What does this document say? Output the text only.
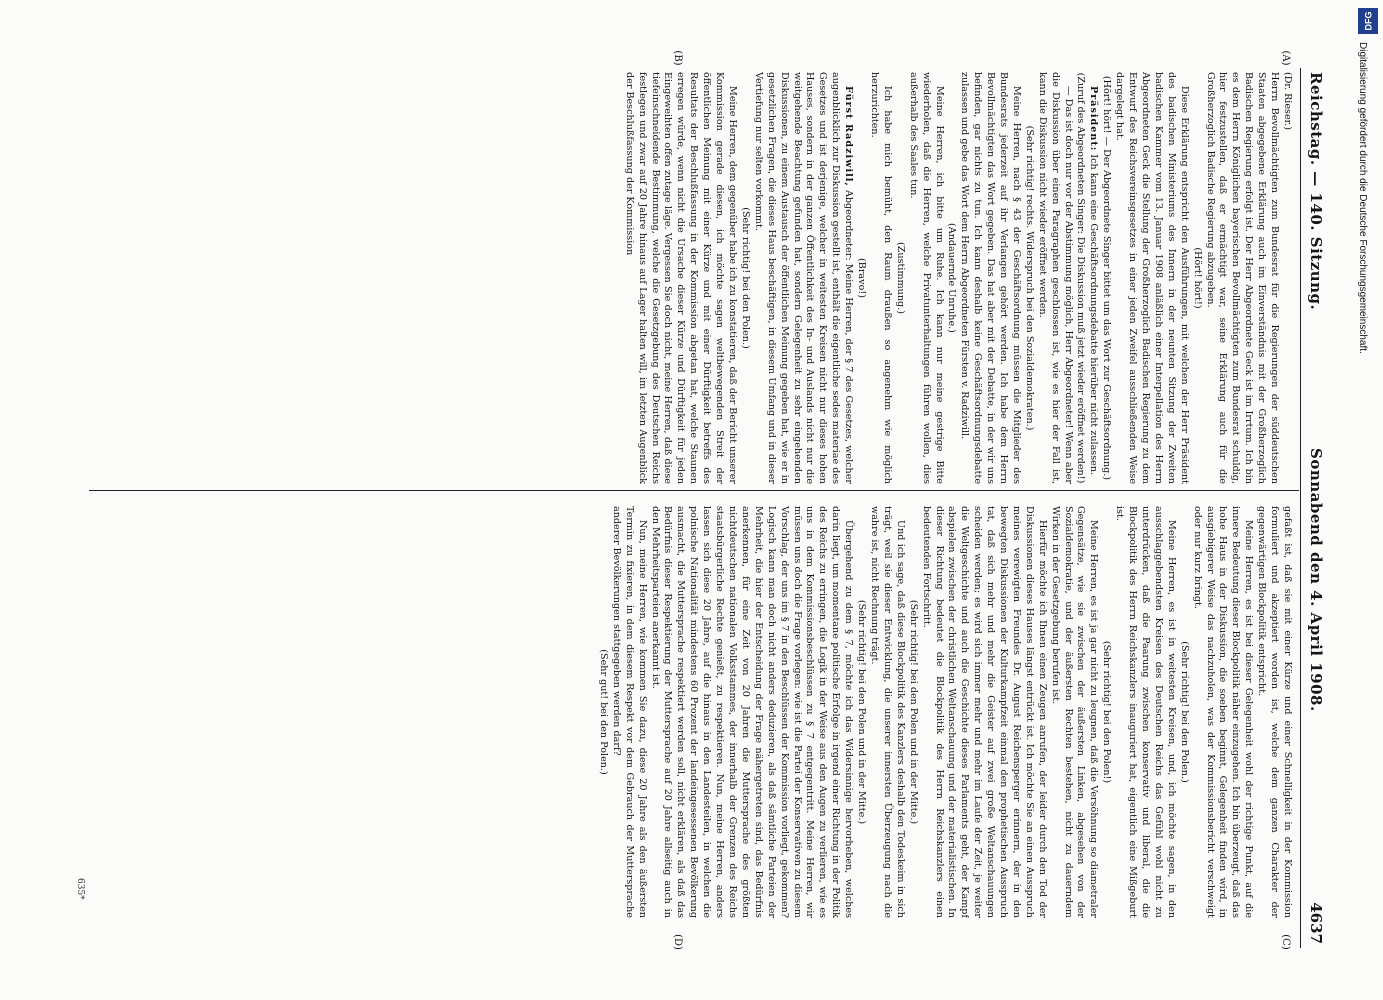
Reichstag. — 140. Sitzung.
Sonnabend den 4. April 1908.
4637
(A)
(B)
(C)
(D)

(Dr. Rieser.)

Herrn Bevollmächtigten zum Bundesrat für die Regierungen der süddeutschen Staaten abgegebene Erklärung auch im Einverständnis mit der Großherzoglich Badischen Regierung erfolgt ist. Der Herr Abgeordnete Geck ist im Irrtum. Ich bin es dem Herrn Königlichen bayerischen Bevollmächtigten zum Bundesrat schuldig, hier festzustellen, daß er ermächtigt war, seine Erklärung auch für die Großherzoglich Badische Regierung abzugeben.

(Hört! hört!)

Diese Erklärung entspricht den Ausführungen, mit welchen der Herr Präsident des badischen Ministeriums des Innern in der neunten Sitzung der Zweiten badischen Kammer vom 13. Januar 1908 anläßlich einer Interpellation des Herrn Abgeordneten Geck die Stellung der Großherzoglich Badischen Regierung zu dem Entwurf des Reichsvereinsgesetzes in einer jeden Zweifel ausschließenden Weise dargelegt hat.

(Hört! hört! — Der Abgeordnete Singer bittet um das Wort zur Geschäftsordnung.)

Präsident: Ich kann eine Geschäftsordnungsdebatte hierüber nicht zulassen.

(Zuruf des Abgeordneten Singer: Die Diskussion muß jetzt wieder eröffnet werden!)

— Das ist doch nur vor der Abstimmung möglich, Herr Abgeordneter! Wenn aber die Diskussion über einen Paragraphen geschlossen ist, wie es hier der Fall ist, kann die Diskussion nicht wieder eröffnet werden.

(Sehr richtig! rechts. Widerspruch bei den Sozialdemokraten.)

Meine Herren, nach § 43 der Geschäftsordnung müssen die Mitglieder des Bundesrats jederzeit auf ihr Verlangen gehört werden. Ich habe dem Herrn Bevollmächtigten das Wort gegeben. Das hat aber mit der Debatte, in der wir uns befinden, gar nichts zu tun. Ich kann deshalb keine Geschäftsordnungsdebatte zulassen und gebe das Wort dem Herrn Abgeordneten Fürsten v. Radziwill.

(Andauernde Unruhe.)

Meine Herren, ich bitte um Ruhe. Ich kann nur meine gestrige Bitte wiederholen, daß die Herren, welche Privatunterhaltungen führen wollen, dies außerhalb des Saales tun.

(Zustimmung.)

Ich habe mich bemüht, den Raum draußen so angenehm wie möglich herzurichten.

(Bravo!)

Fürst Radziwill, Abgeordneter: Meine Herren, der § 7 des Gesetzes, welcher augenblicklich zur Diskussion gestellt ist, enthält die eigentliche sedes materiae des Gesetzes und ist derjenige, welcher in weitesten Kreisen nicht nur dieses hohen Hauses, sondern in der ganzen Öffentlichkeit des In- und Auslands nicht nur die weitgehende Beachtung gefunden hat, sondern Gelegenheit zu sehr eingehenden Diskussionen, zu einem Austausch der öffentlichen Meinung gegeben hat, wie er in gesetzlichen Fragen, die dieses Haus beschäftigen, in diesem Umfang und in dieser Vertiefung nur selten vorkommt.

(Sehr richtig! bei den Polen.)

Meine Herren, dem gegenüber habe ich zu konstatieren, daß der Bericht unserer Kommission gerade diesen, ich möchte sagen weltbewegenden Streit der öffentlichen Meinung mit einer Kürze und mit einer Dürftigkeit betreffs des Resultats der Beschlußfassung in der Kommission abgetan hat, welche Staunen erregen würde, wenn nicht die Ursache dieser Kürze und Dürftigkeit für jeden Eingeweihten offen zutage läge. Vergessen Sie doch nicht, meine Herren, daß diese tiefeinschneidende Bestimmung, welche die Gesetzgebung des Deutschen Reichs festlegen und zwar auf 20 Jahre hinaus auf Lager halten will, im letzten Augenblick der Beschlußfassung der Kommission

gefaßt ist, daß sie mit einer Kürze und einer Schnelligkeit in der Kommission formuliert und akzeptiert worden ist, welche dem ganzen Charakter der gegenwärtigen Blockpolitik entspricht.

Meine Herren, es ist bei dieser Gelegenheit wohl der richtige Punkt, auf die innere Bedeutung dieser Blockpolitik näher einzugehen. Ich bin überzeugt, daß das hohe Haus in der Diskussion, die soeben beginnt, Gelegenheit finden wird, in ausgiebigerer Weise das nachzuholen, was der Kommissionsbericht verschweigt oder nur kurz bringt.

(Sehr richtig! bei den Polen.)

Meine Herren, es ist in weitesten Kreisen, und, ich möchte sagen, in den ausschlaggebendsten Kreisen des Deutschen Reichs das Gefühl wohl nicht zu unterdrücken, daß die Paarung zwischen konservativ und liberal, die die Blockpolitik des Herrn Reichskanzlers inauguriert hat, eigentlich eine Mißgeburt ist.

(Sehr richtig! bei den Polen!)

Meine Herren, es ist ja gar nicht zu leugnen, daß die Versöhnung so diametraler Gegensätze, wie sie zwischen der äußersten Linken, abgesehen von der Sozialdemokratie, und der äußersten Rechten bestehen, nicht zu dauerndem Wirken in der Gesetzgebung berufen ist.

Hierfür möchte ich Ihnen einen Zeugen anrufen, der leider durch den Tod der Diskussionen dieses Hauses längst entrückt ist. Ich möchte Sie an einen Ausspruch meines verewigten Freundes Dr. August Reichensperger erinnern, der in den bewegten Diskussionen der Kulturkampfzeit einmal den prophetischen Ausspruch tat, daß sich mehr und mehr die Geister auf zwei große Weltanschauungen scheiden werden; es wird sich immer mehr und mehr im Laufe der Zeit, je weiter die Weltgeschichte und auch die Geschichte dieses Parlaments geht, der Kampf abspielen zwischen der christlichen Weltanschauung und der materialistischen. In dieser Richtung bedeutet die Blockpolitik des Herrn Reichskanzlers einen bedeutenden Fortschritt.

(Sehr richtig! bei den Polen und in der Mitte.)

Und ich sage, daß diese Blockpolitik des Kanzlers deshalb den Todeskeim in sich trägt, weil sie dieser Entwicklung, die unserer innersten Überzeugung nach die wahre ist, nicht Rechnung trägt.

(Sehr richtig! bei den Polen und in der Mitte.)

Übergehend zu dem § 7, möchte ich das Widersinnige hervorheben, welches darin liegt, um momentane politische Erfolge in irgend einer Richtung in der Politik des Reichs zu erringen, die Logik in der Weise aus den Augen zu verlieren, wie es uns in dem Kommissionsbeschlüssen zu § 7 entgegentritt. Meine Herren, wir müssen uns doch die Frage vorlegen: wie ist die Partei der Konservativen zu diesem Vorschlag, der uns im § 7 in den Beschlüssen der Kommission vorliegt, gekommen? Logisch kann man doch nicht anders deduzieren, als daß sämtliche Parteien der Mehrheit, die hier der Entscheidung der Frage nähergetreten sind, das Bedürfnis anerkennen, für eine Zeit von 20 Jahren die Muttersprache des größten nichtdeutschen nationalen Volksstammes, der innerhalb der Grenzen des Reichs staatsbürgerliche Rechte genießt, zu respektieren. Nun, meine Herren, anders lassen sich diese 20 Jahre, auf die hinaus in den Landesteilen, in welchen die polnische Nationalität mindestens 60 Prozent der landeingesessenen Bevölkerung ausmacht, die Muttersprache respektiert werden soll, nicht erklären, als daß das Bedürfnis dieser Respektierung der Muttersprache auf 20 Jahre allseitig auch in den Mehrheitsparteien anerkannt ist.

Nun, meine Herren, wie kommen Sie dazu, diese 20 Jahre als den äußersten Termin zu fixieren, in dem diesem Respekt vor dem Gebrauch der Muttersprache anderer Bevölkerungen stattgegeben werden darf?

(Sehr gut! bei den Polen.)

635*
DFG
Digitalisierung gefördert durch die Deutsche Forschungsgemeinschaft.
